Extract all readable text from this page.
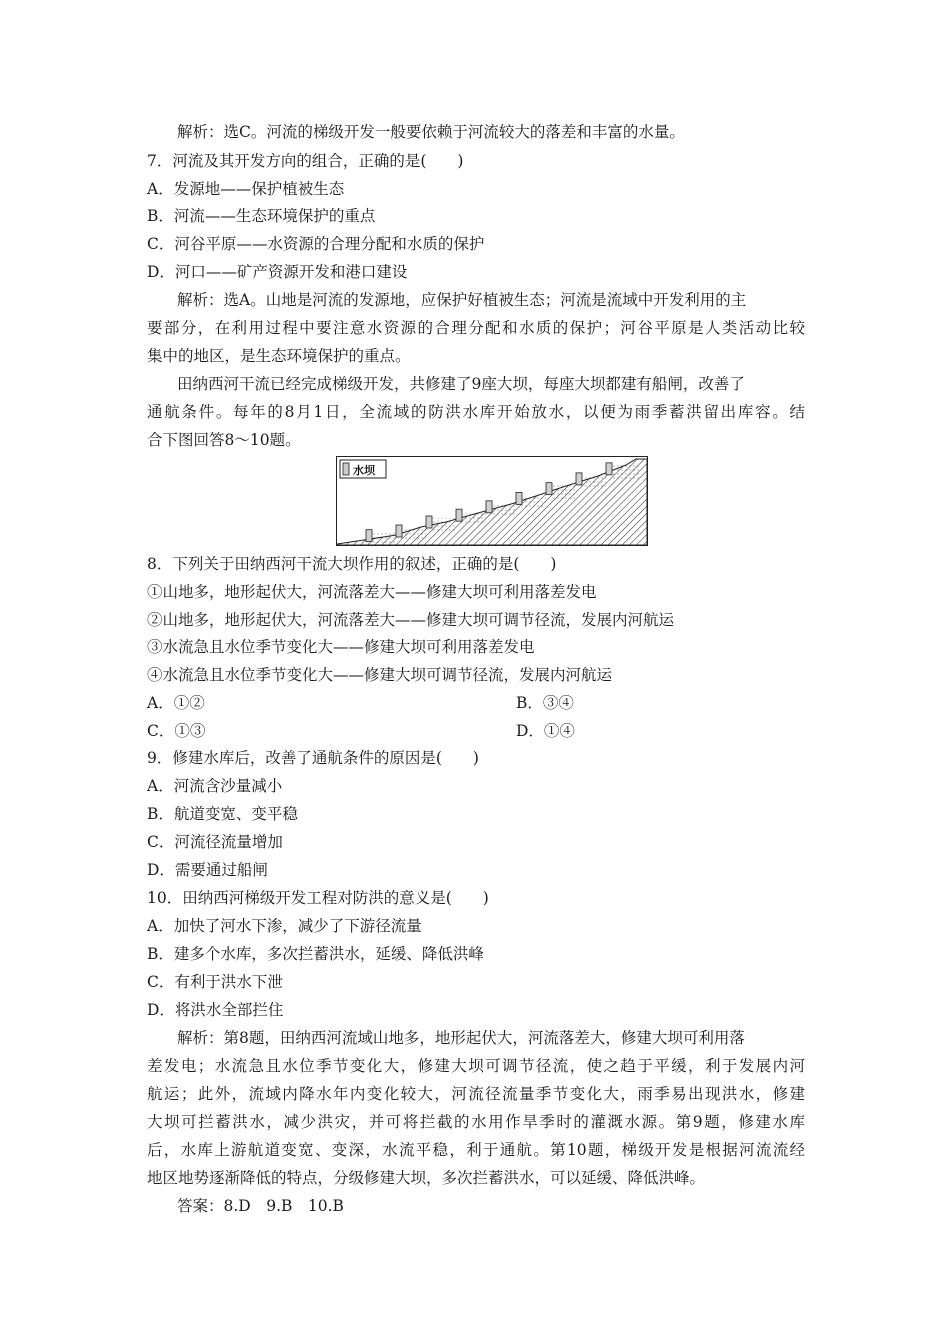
解析：选C。河流的梯级开发一般要依赖于河流较大的落差和丰富的水量。
7．河流及其开发方向的组合，正确的是(　　)
A．发源地——保护植被生态
B．河流——生态环境保护的重点
C．河谷平原——水资源的合理分配和水质的保护
D．河口——矿产资源开发和港口建设
解析：选A。山地是河流的发源地，应保护好植被生态；河流是流域中开发利用的主
要部分，在利用过程中要注意水资源的合理分配和水质的保护；河谷平原是人类活动比较
集中的地区，是生态环境保护的重点。
田纳西河干流已经完成梯级开发，共修建了9座大坝，每座大坝都建有船闸，改善了
通航条件。每年的8月1日，全流域的防洪水库开始放水，以便为雨季蓄洪留出库容。结
合下图回答8～10题。
水坝
8．下列关于田纳西河干流大坝作用的叙述，正确的是(　　)
①山地多，地形起伏大，河流落差大——修建大坝可利用落差发电
②山地多，地形起伏大，河流落差大——修建大坝可调节径流，发展内河航运
③水流急且水位季节变化大——修建大坝可利用落差发电
④水流急且水位季节变化大——修建大坝可调节径流，发展内河航运
A．①②	B．③④
C．①③	D．①④
9．修建水库后，改善了通航条件的原因是(　　)
A．河流含沙量减小
B．航道变宽、变平稳
C．河流径流量增加
D．需要通过船闸
10．田纳西河梯级开发工程对防洪的意义是(　　)
A．加快了河水下渗，减少了下游径流量
B．建多个水库，多次拦蓄洪水，延缓、降低洪峰
C．有利于洪水下泄
D．将洪水全部拦住
解析：第8题，田纳西河流域山地多，地形起伏大，河流落差大，修建大坝可利用落
差发电；水流急且水位季节变化大，修建大坝可调节径流，使之趋于平缓，利于发展内河
航运；此外，流域内降水年内变化较大，河流径流量季节变化大，雨季易出现洪水，修建
大坝可拦蓄洪水，减少洪灾，并可将拦截的水用作旱季时的灌溉水源。第9题，修建水库
后，水库上游航道变宽、变深，水流平稳，利于通航。第10题，梯级开发是根据河流流经
地区地势逐渐降低的特点，分级修建大坝，多次拦蓄洪水，可以延缓、降低洪峰。
答案：8.D　9.B　10.B
